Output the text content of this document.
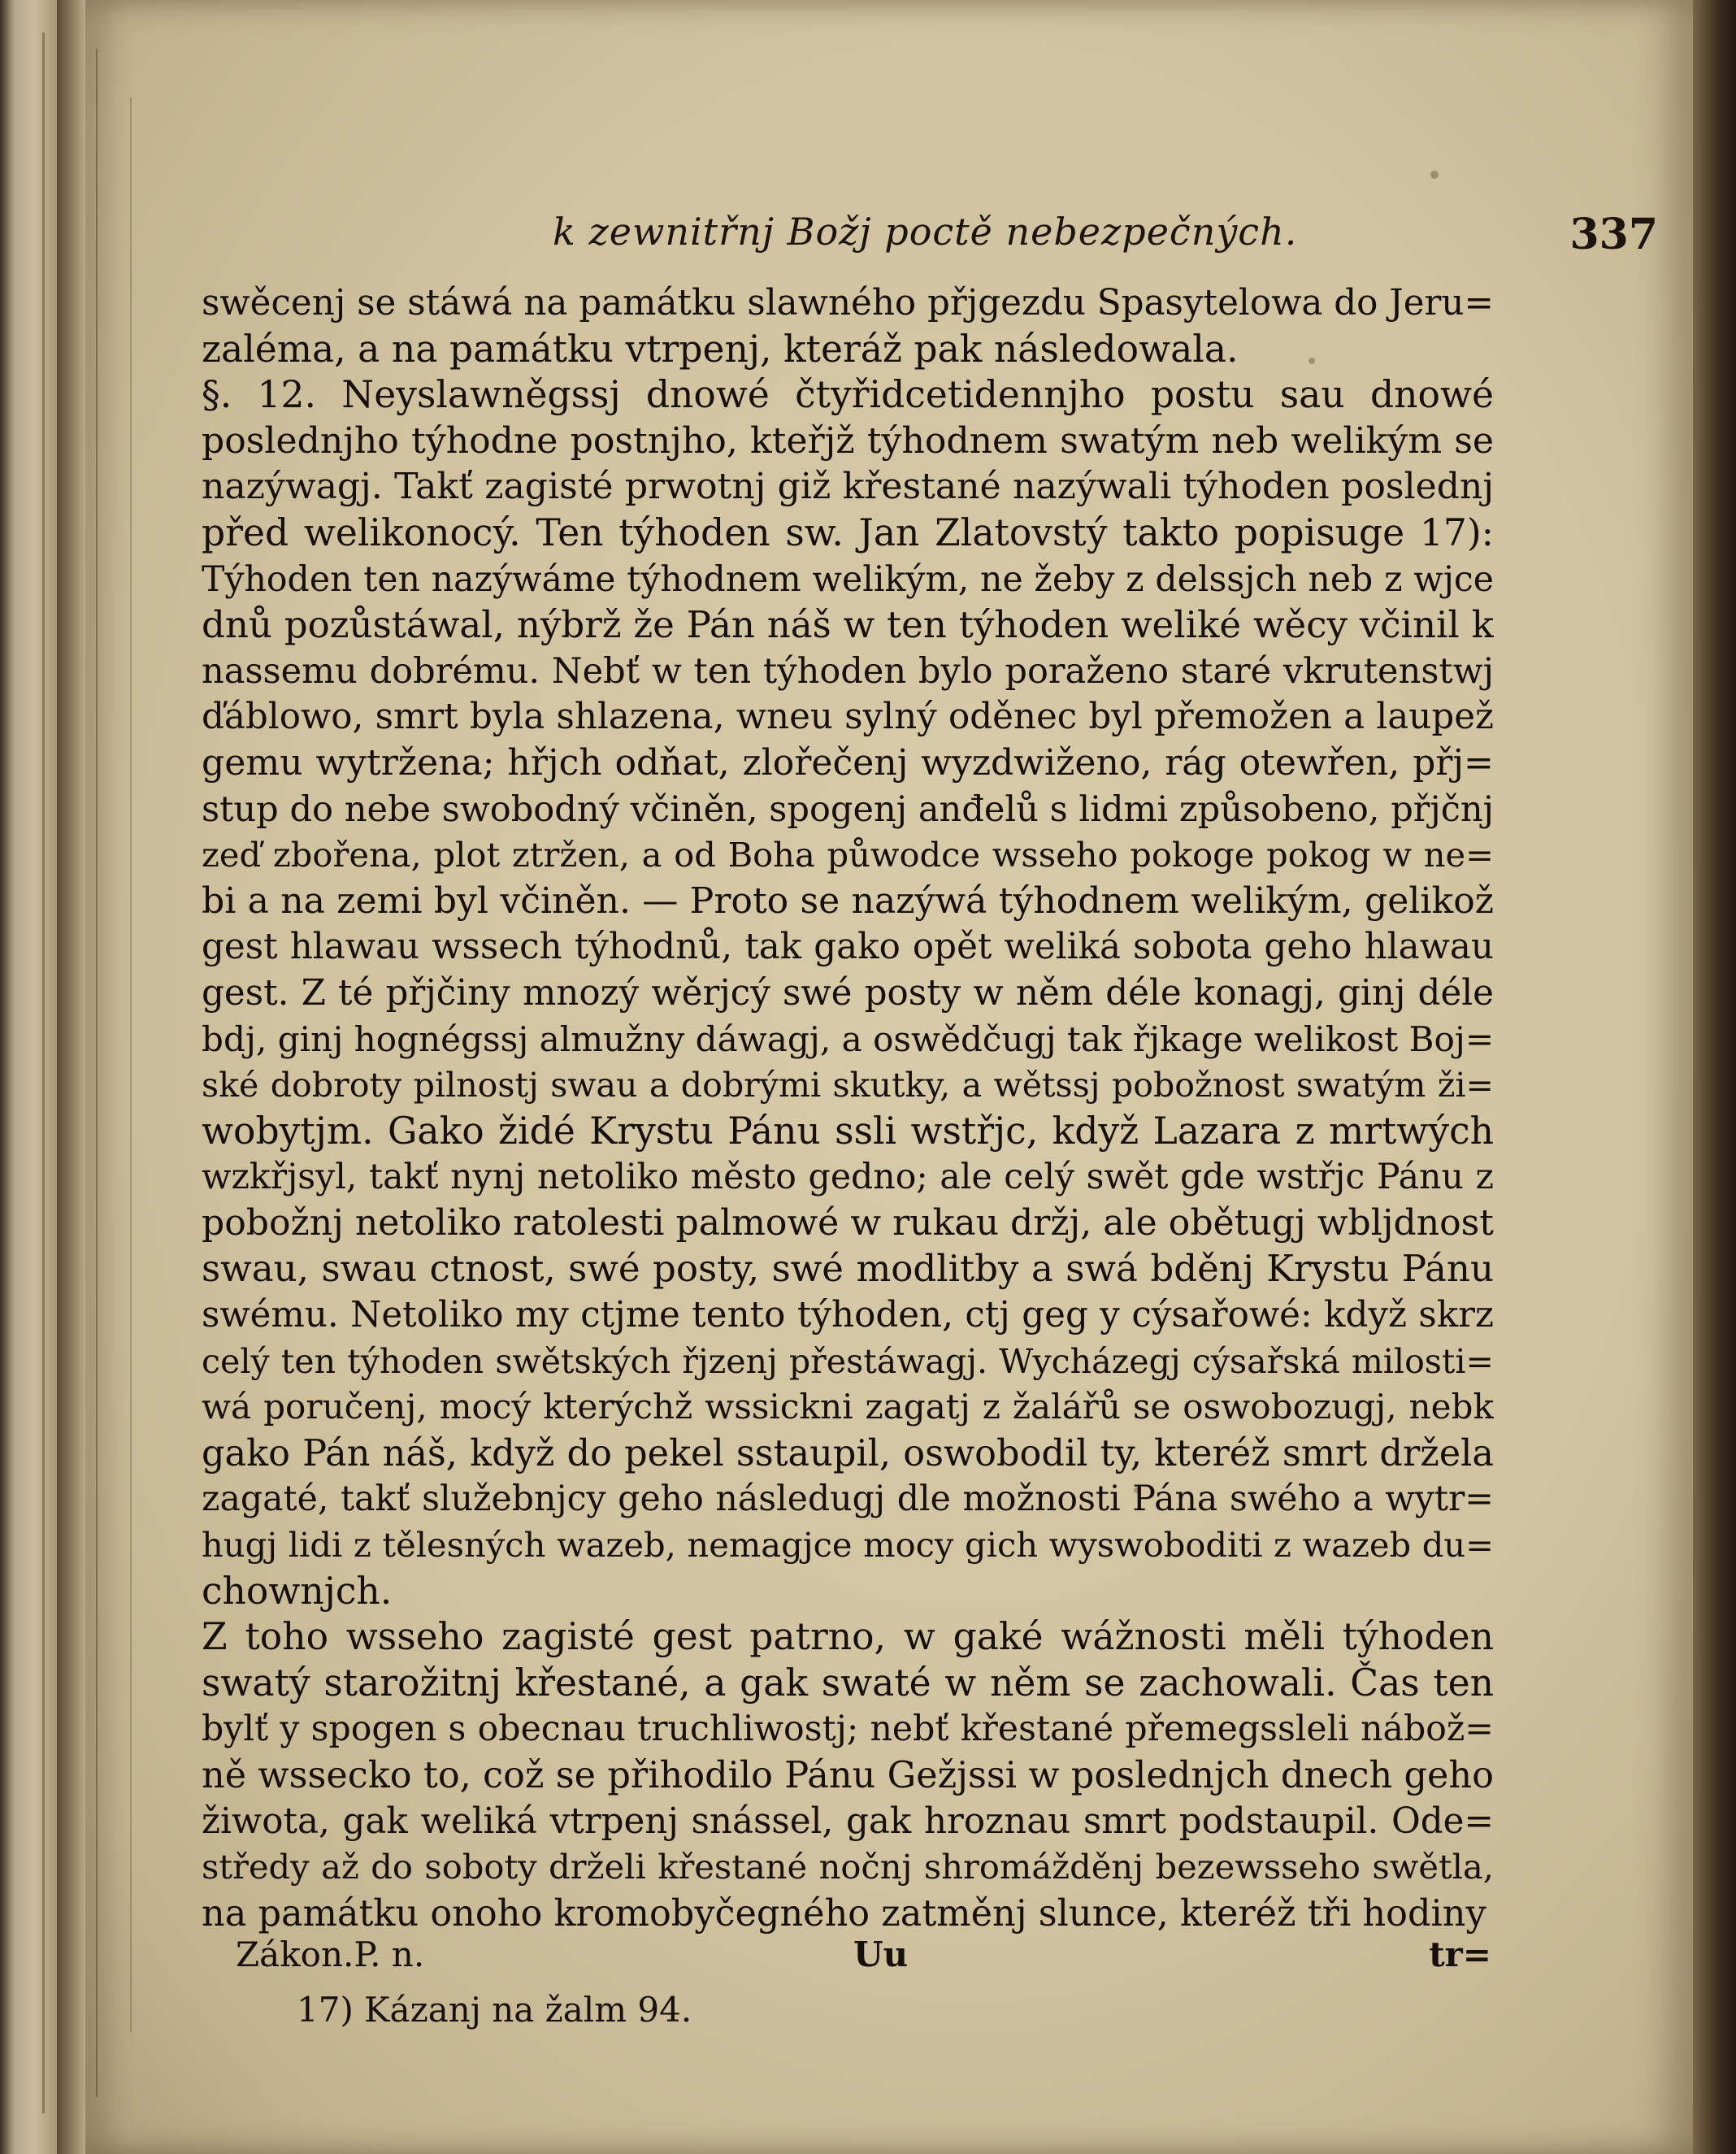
k zewnitřnj Božj poctě nebezpečných.	337
swěcenj se stáwá na památku slawného přjgezdu Spasytelowa do Jeru=
zaléma, a na památku vtrpenj, kteráž pak následowala.
§. 12. Neyslawněgssj dnowé čtyřidcetidennjho postu sau dnowé
poslednjho týhodne postnjho, kteřjž týhodnem swatým neb welikým se
nazýwagj. Takť zagisté prwotnj giž křestané nazýwali týhoden poslednj
před welikonocý. Ten týhoden sw. Jan Zlatovstý takto popisuge 17):
Týhoden ten nazýwáme týhodnem welikým, ne žeby z delssjch neb z wjce
dnů pozůstáwal, nýbrž že Pán náš w ten týhoden weliké wěcy včinil k
nassemu dobrému. Nebť w ten týhoden bylo poraženo staré vkrutenstwj
ďáblowo, smrt byla shlazena, wneu sylný oděnec byl přemožen a laupež
gemu wytržena; hřjch odňat, zlořečenj wyzdwiženo, rág otewřen, přj=
stup do nebe swobodný včiněn, spogenj anđelů s lidmi způsobeno, přjčnj
zeď zbořena, plot ztržen, a od Boha půwodce wsseho pokoge pokog w ne=
bi a na zemi byl včiněn. — Proto se nazýwá týhodnem welikým, gelikož
gest hlawau wssech týhodnů, tak gako opět weliká sobota geho hlawau
gest. Z té přjčiny mnozý wěrjcý swé posty w něm déle konagj, ginj déle
bdj, ginj hognégssj almužny dáwagj, a oswědčugj tak řjkage welikost Boj=
ské dobroty pilnostj swau a dobrými skutky, a wětssj pobožnost swatým ži=
wobytjm. Gako židé Krystu Pánu ssli wstřjc, když Lazara z mrtwých
wzkřjsyl, takť nynj netoliko město gedno; ale celý swět gde wstřjc Pánu z
pobožnj netoliko ratolesti palmowé w rukau držj, ale obětugj wbljdnost
swau, swau ctnost, swé posty, swé modlitby a swá bděnj Krystu Pánu
swému. Netoliko my ctjme tento týhoden, ctj geg y cýsařowé: když skrz
celý ten týhoden swětských řjzenj přestáwagj. Wycházegj cýsařská milosti=
wá poručenj, mocý kterýchž wssickni zagatj z žalářů se oswobozugj, nebk
gako Pán náš, když do pekel sstaupil, oswobodil ty, kteréž smrt držela
zagaté, takť služebnjcy geho následugj dle možnosti Pána swého a wytr=
hugj lidi z tělesných wazeb, nemagjce mocy gich wyswoboditi z wazeb du=
chownjch.
Z toho wsseho zagisté gest patrno, w gaké wážnosti měli týhoden
swatý starožitnj křestané, a gak swaté w něm se zachowali. Čas ten
bylť y spogen s obecnau truchliwostj; nebť křestané přemegssleli nábož=
ně wssecko to, což se přihodilo Pánu Gežjssi w poslednjch dnech geho
žiwota, gak weliká vtrpenj snássel, gak hroznau smrt podstaupil. Ode=
středy až do soboty drželi křestané nočnj shromážděnj bezewsseho swětla,
na památku onoho kromobyčegného zatměnj slunce, kteréž tři hodiny
Zákon.P. n.	Uu	tr=
17) Kázanj na žalm 94.
